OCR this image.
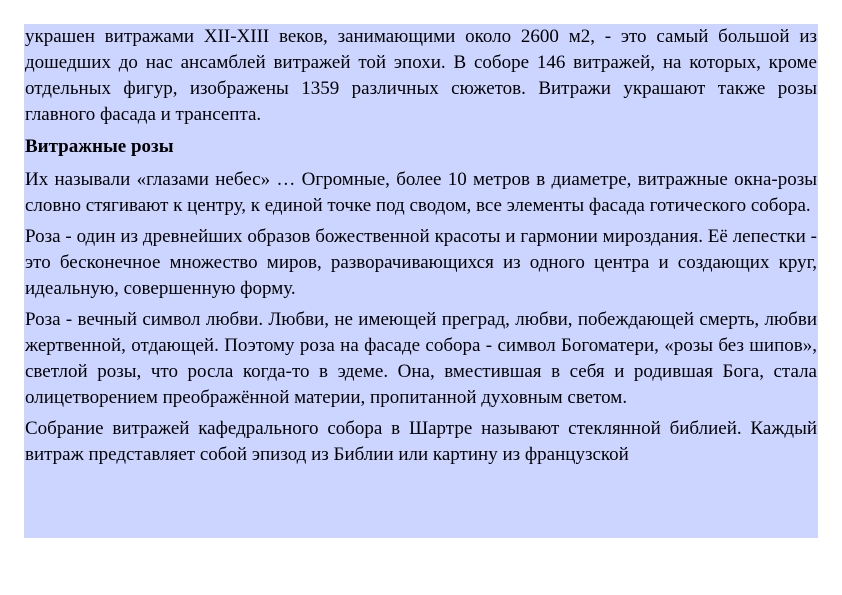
украшен витражами XII-XIII веков, занимающими около 2600 м2, - это самый большой из дошедших до нас ансамблей витражей той эпохи. В соборе 146 витражей, на которых, кроме отдельных фигур, изображены 1359 различных сюжетов. Витражи украшают также розы главного фасада и трансепта.

Витражные розы

Их называли «глазами небес» … Огромные, более 10 метров в диаметре, витражные окна-розы словно стягивают к центру, к единой точке под сводом, все элементы фасада готического собора.

Роза - один из древнейших образов божественной красоты и гармонии мироздания. Её лепестки - это бесконечное множество миров, разворачивающихся из одного центра и создающих круг, идеальную, совершенную форму.

Роза - вечный символ любви. Любви, не имеющей преград, любви, побеждающей смерть, любви жертвенной, отдающей. Поэтому роза на фасаде собора - символ Богоматери, «розы без шипов», светлой розы, что росла когда-то в эдеме. Она, вместившая в себя и родившая Бога, стала олицетворением преображённой материи, пропитанной духовным светом.

Собрание витражей кафедрального собора в Шартре называют стеклянной библией. Каждый витраж представляет собой эпизод из Библии или картину из французской
